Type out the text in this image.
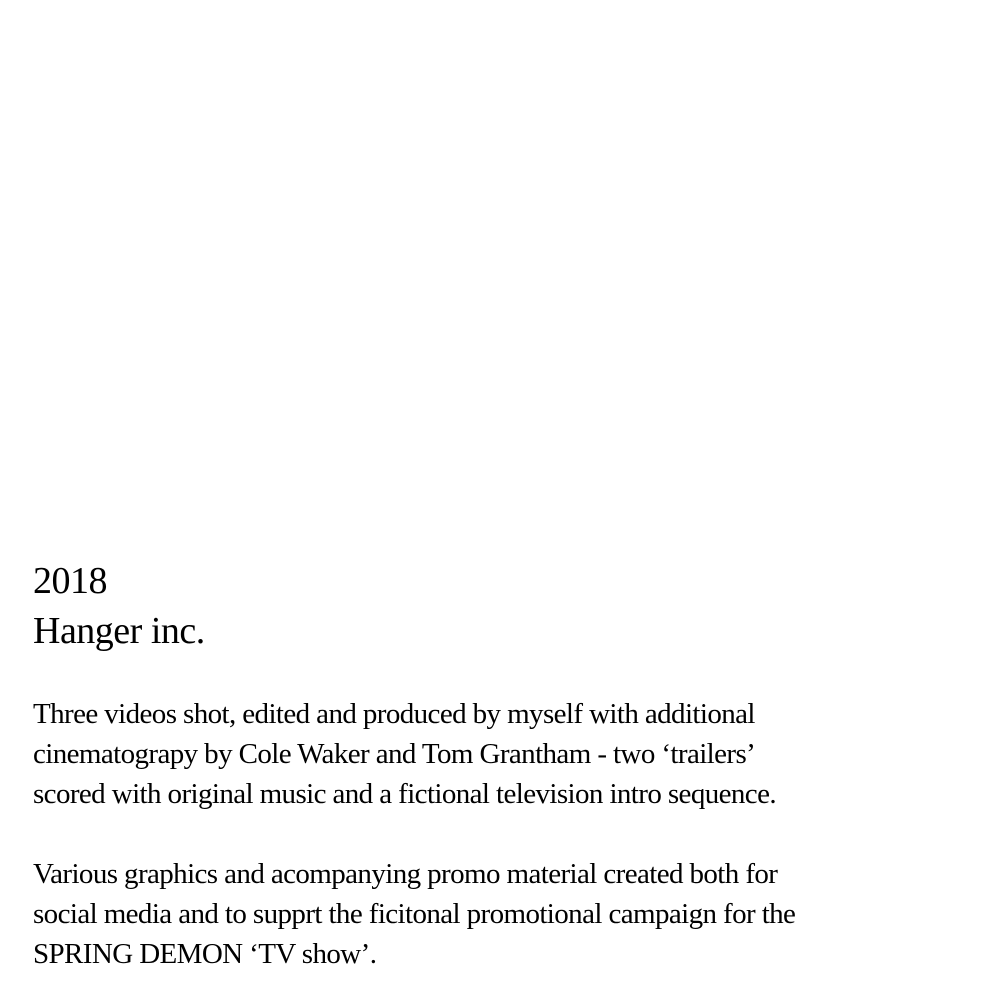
2018
Hanger inc.

Three videos shot, edited and produced by myself with additional
cinematograpy by Cole Waker and Tom Grantham - two ‘trailers’
scored with original music and a fictional television intro sequence.

Various graphics and acompanying promo material created both for
social media and to supprt the ficitonal promotional campaign for the
SPRING DEMON ‘TV show’.
